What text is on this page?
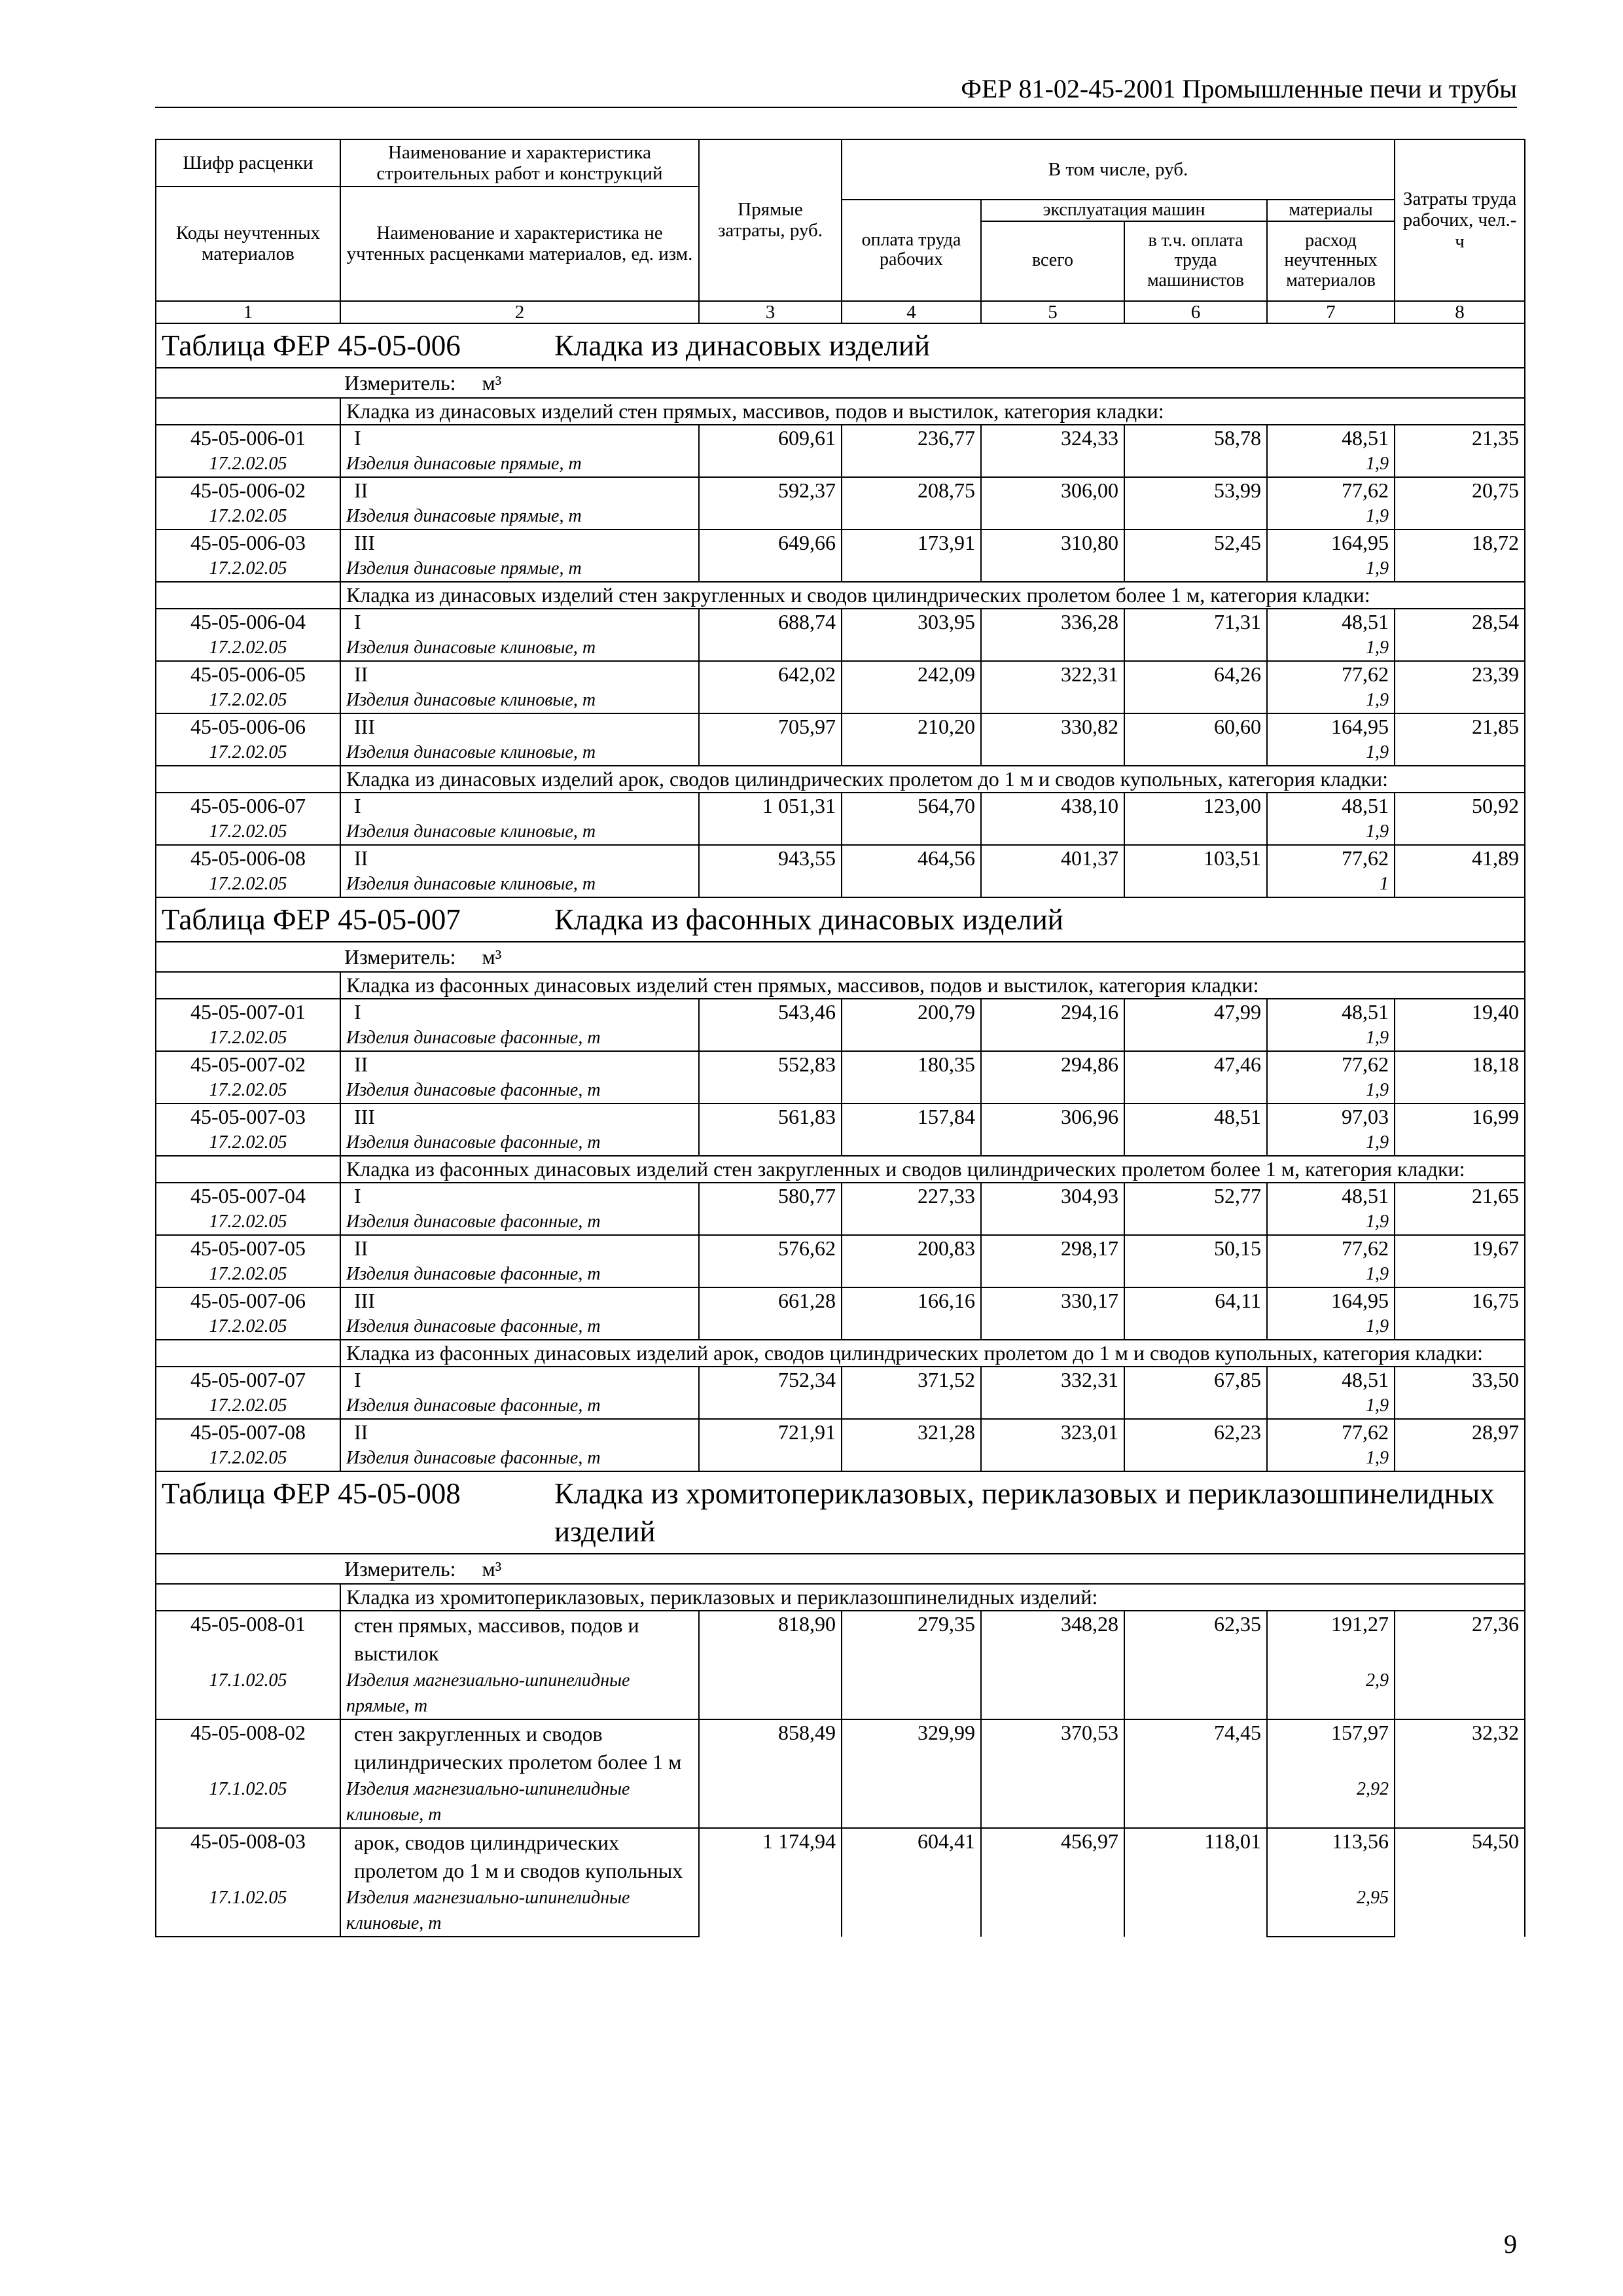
ФЕР 81-02-45-2001 Промышленные печи и трубы
Шифр расценки	Наименование и характеристика строительных работ и конструкций	Прямые затраты, руб.	В том числе, руб.				Затраты труда рабочих, чел.-ч
Коды неучтенных материалов	Наименование и характеристика не учтенных расценками материалов, ед. изм.						
			оплата труда рабочих	эксплуатация машин		материалы	
				всего	в т.ч. оплата труда машинистов	расход неучтенных материалов	
1	2	3	4	5	6	7	8
Таблица ФЕР 45-05-006 Кладка из динасовых изделий							
Измеритель: м³							
	Кладка из динасовых изделий стен прямых, массивов, подов и выстилок, категория кладки:						
45-05-006-01	I	609,61	236,77	324,33	58,78	48,51	21,35
17.2.02.05	Изделия динасовые прямые, т					1,9	
45-05-006-02	II	592,37	208,75	306,00	53,99	77,62	20,75
17.2.02.05	Изделия динасовые прямые, т					1,9	
45-05-006-03	III	649,66	173,91	310,80	52,45	164,95	18,72
17.2.02.05	Изделия динасовые прямые, т					1,9	
	Кладка из динасовых изделий стен закругленных и сводов цилиндрических пролетом более 1 м, категория кладки:						
45-05-006-04	I	688,74	303,95	336,28	71,31	48,51	28,54
17.2.02.05	Изделия динасовые клиновые, т					1,9	
45-05-006-05	II	642,02	242,09	322,31	64,26	77,62	23,39
17.2.02.05	Изделия динасовые клиновые, т					1,9	
45-05-006-06	III	705,97	210,20	330,82	60,60	164,95	21,85
17.2.02.05	Изделия динасовые клиновые, т					1,9	
	Кладка из динасовых изделий арок, сводов цилиндрических пролетом до 1 м и сводов купольных, категория кладки:						
45-05-006-07	I	1 051,31	564,70	438,10	123,00	48,51	50,92
17.2.02.05	Изделия динасовые клиновые, т					1,9	
45-05-006-08	II	943,55	464,56	401,37	103,51	77,62	41,89
17.2.02.05	Изделия динасовые клиновые, т					1	
Таблица ФЕР 45-05-007 Кладка из фасонных динасовых изделий							
Измеритель: м³							
	Кладка из фасонных динасовых изделий стен прямых, массивов, подов и выстилок, категория кладки:						
45-05-007-01	I	543,46	200,79	294,16	47,99	48,51	19,40
17.2.02.05	Изделия динасовые фасонные, т					1,9	
45-05-007-02	II	552,83	180,35	294,86	47,46	77,62	18,18
17.2.02.05	Изделия динасовые фасонные, т					1,9	
45-05-007-03	III	561,83	157,84	306,96	48,51	97,03	16,99
17.2.02.05	Изделия динасовые фасонные, т					1,9	
	Кладка из фасонных динасовых изделий стен закругленных и сводов цилиндрических пролетом более 1 м, категория кладки:						
45-05-007-04	I	580,77	227,33	304,93	52,77	48,51	21,65
17.2.02.05	Изделия динасовые фасонные, т					1,9	
45-05-007-05	II	576,62	200,83	298,17	50,15	77,62	19,67
17.2.02.05	Изделия динасовые фасонные, т					1,9	
45-05-007-06	III	661,28	166,16	330,17	64,11	164,95	16,75
17.2.02.05	Изделия динасовые фасонные, т					1,9	
	Кладка из фасонных динасовых изделий арок, сводов цилиндрических пролетом до 1 м и сводов купольных, категория кладки:						
45-05-007-07	I	752,34	371,52	332,31	67,85	48,51	33,50
17.2.02.05	Изделия динасовые фасонные, т					1,9	
45-05-007-08	II	721,91	321,28	323,01	62,23	77,62	28,97
17.2.02.05	Изделия динасовые фасонные, т					1,9	
Таблица ФЕР 45-05-008 Кладка из хромитопериклазовых, периклазовых и периклазошпинелидных изделий							
Измеритель: м³							
	Кладка из хромитопериклазовых, периклазовых и периклазошпинелидных изделий:						
45-05-008-01	стен прямых, массивов, подов и выстилок	818,90	279,35	348,28	62,35	191,27	27,36
17.1.02.05	Изделия магнезиально-шпинелидные прямые, т					2,9	
45-05-008-02	стен закругленных и сводов цилиндрических пролетом более 1 м	858,49	329,99	370,53	74,45	157,97	32,32
17.1.02.05	Изделия магнезиально-шпинелидные клиновые, т					2,92	
45-05-008-03	арок, сводов цилиндрических пролетом до 1 м и сводов купольных	1 174,94	604,41	456,97	118,01	113,56	54,50
17.1.02.05	Изделия магнезиально-шпинелидные клиновые, т					2,95	
9
